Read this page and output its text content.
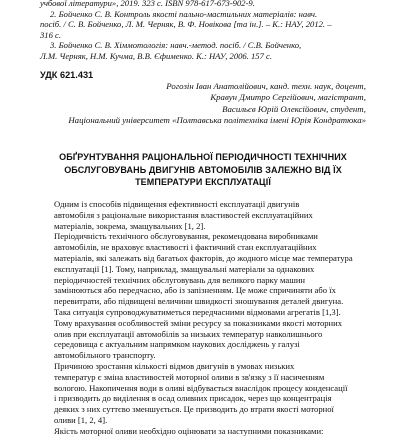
учбової літератури», 2019. 323 с. ISBN 978-617-673-902-9.

2. Бойченко С. В. Контроль якості пально-мастильних матеріалів: навч.

посіб. / С. В. Бойченко, Л. М. Черняк, В. Ф. Новікова [та ін.]. – К.: НАУ, 2012. –

316 с.

3. Бойченко С. В. Хіммотологія: навч.-метод. посіб. / С.В. Бойченко,

Л.М. Черняк, Н.М. Кучма, В.В. Єфименко. К.: НАУ, 2006. 157 с.

УДК 621.431

Рогозін Іван Анатолійович, канд. техн. наук, доцент,

Кравун Дмитро Сергійович, магістрант,

Васильєв Юрій Олексійович, студент,

Національний університет «Полтавська політехніка імені Юрія Кондратюка»

ОБҐРУНТУВАННЯ РАЦІОНАЛЬНОЇ ПЕРІОДИЧНОСТІ ТЕХНІЧНИХ

ОБСЛУГОВУВАНЬ ДВИГУНІВ АВТОМОБІЛІВ ЗАЛЕЖНО ВІД ЇХ

ТЕМПЕРАТУРИ ЕКСПЛУАТАЦІЇ

Одним із способів підвищення ефективності експлуатації двигунів
автомобіля з раціональне використання властивостей експлуатаційних
матеріалів, зокрема, змащувальних [1, 2].
Періодичність технічного обслуговування, рекомендована виробниками
автомобілів, не враховує властивості і фактичний стан експлуатаційних
матеріалів, які залежать від багатьох факторів, до жодного місце має температура
експлуатації [1]. Тому, наприклад, змащувальні матеріали за однакових
періодичностей технічних обслуговувань для великого парку машин
замінюються або передчасно, або із запізненням. Це може спричиняти або їх
перевитрати, або підвищені величини швидкості зношування деталей двигуна.
Така ситуація супроводжуватиметься передчасними відмовами агрегатів [1,3].
Тому врахування особливостей зміни ресурсу за показниками якості моторних
олив при експлуатації автомобілів за низьких температур навколишнього
середовища є актуальним напрямком наукових досліджень у галузі
автомобільного транспорту.
Причиною зростання кількості відмов двигунів в умовах низьких
температур є зміна властивостей моторної оливи в зв'язку з її насиченням
вологою. Накопичення води в оливі відбувається внаслідок процесу конденсації
і призводить до виділення в осад оливних присадок, через що концентрація
деяких з них суттєво зменшується. Це призводить до втрати якості моторної
оливи [1, 2, 4].
Якість моторної оливи необхідно оцінювати за наступними показниками:
